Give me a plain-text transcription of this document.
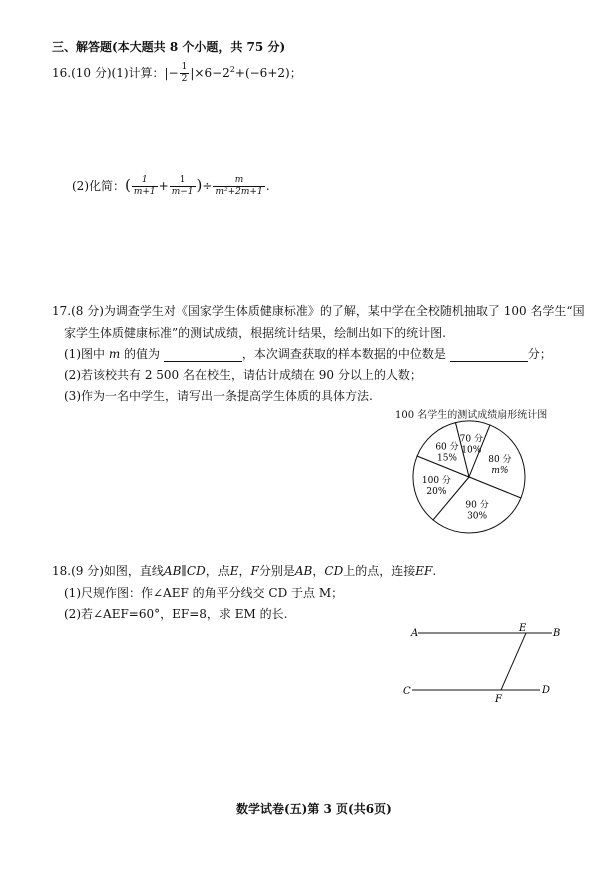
三、解答题(本大题共 8 个小题，共 75 分)
16.(10 分)(1)计算：|− $\frac{1}{2} |\times 6-2^2+(-6+2)$；
(2)化简：( $\frac{1}{m+1} + \frac{1}{m-1}$ )÷ $\frac{m}{\text{m²+2m+1}}$ .
17.(8 分)为调查学生对《国家学生体质健康标准》的了解，某中学在全校随机抽取了 100 名学生“国
家学生体质健康标准”的测试成绩，根据统计结果，绘制出如下的统计图.
(1)图中 m 的值为	，本次调查获取的样本数据的中位数是	分；
(2)若该校共有 2 500 名在校生，请估计成绩在 90 分以上的人数；
(3)作为一名中学生，请写出一条提高学生体质的具体方法.
100 名学生的测试成绩扇形统计图
70 分
10%
80 分
m%
90 分
30%
100 分
20%
60 分
15%
18.(9 分)如图，直线AB∥CD，点E，F分别是AB，CD上的点，连接EF.
(1)尺规作图：作∠AEF 的角平分线交 CD 于点 M；
(2)若∠AEF=60°，EF=8，求 EM 的长.
A	B
C	D
E
F
数学试卷(五)第 3 页(共6页)
